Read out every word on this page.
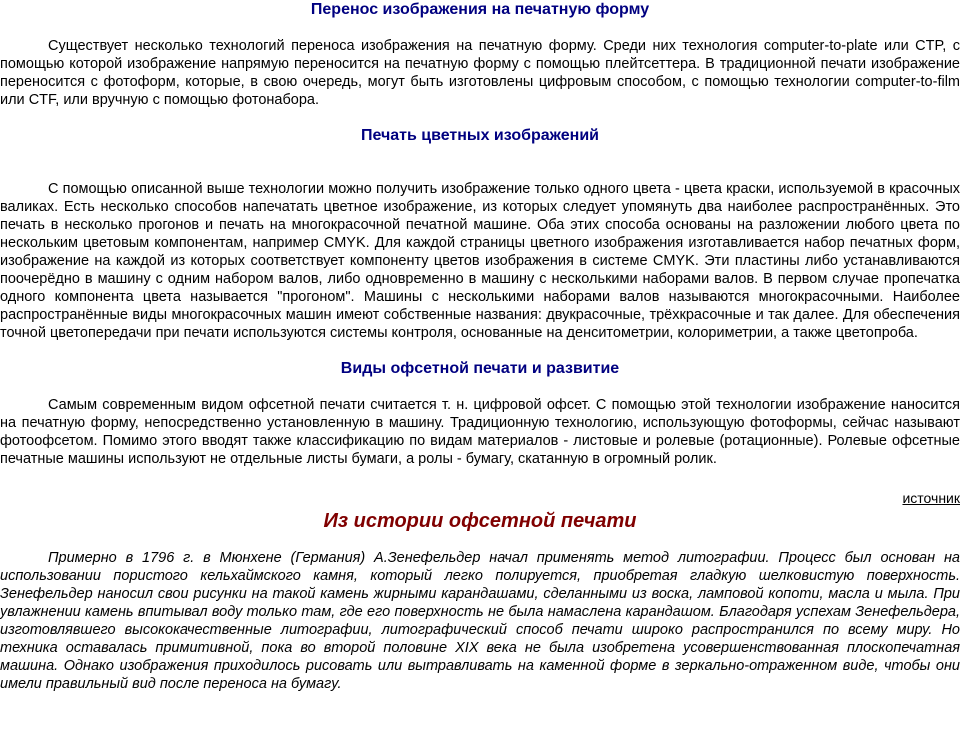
Перенос изображения на печатную форму

Существует несколько технологий переноса изображения на печатную форму. Среди них технология computer-to-plate или CTP, с помощью которой изображение напрямую переносится на печатную форму с помощью плейтсеттера. В традиционной печати изображение переносится с фотоформ, которые, в свою очередь, могут быть изготовлены цифровым способом, с помощью технологии computer-to-film или CTF, или вручную с помощью фотонабора.

Печать цветных изображений

С помощью описанной выше технологии можно получить изображение только одного цвета - цвета краски, используемой в красочных валиках. Есть несколько способов напечатать цветное изображение, из которых следует упомянуть два наиболее распространённых. Это печать в несколько прогонов и печать на многокрасочной печатной машине. Оба этих способа основаны на разложении любого цвета по нескольким цветовым компонентам, например CMYK. Для каждой страницы цветного изображения изготавливается набор печатных форм, изображение на каждой из которых соответствует компоненту цветов изображения в системе CMYK. Эти пластины либо устанавливаются поочерёдно в машину с одним набором валов, либо одновременно в машину с несколькими наборами валов. В первом случае пропечатка одного компонента цвета называется "прогоном". Машины с несколькими наборами валов называются многокрасочными. Наиболее распространённые виды многокрасочных машин имеют собственные названия: двукрасочные, трёхкрасочные и так далее. Для обеспечения точной цветопередачи при печати используются системы контроля, основанные на денситометрии, колориметрии, а также цветопроба.

Виды офсетной печати и развитие

Самым современным видом офсетной печати считается т. н. цифровой офсет. С помощью этой технологии изображение наносится на печатную форму, непосредственно установленную в машину. Традиционную технологию, использующую фотоформы, сейчас называют фотоофсетом. Помимо этого вводят также классификацию по видам материалов - листовые и ролевые (ротационные). Ролевые офсетные печатные машины используют не отдельные листы бумаги, а ролы - бумагу, скатанную в огромный ролик.

источник
Из истории офсетной печати

Примерно в 1796 г. в Мюнхене (Германия) А.Зенефельдер начал применять метод литографии. Процесс был основан на использовании пористого кельхаймского камня, который легко полируется, приобретая гладкую шелковистую поверхность. Зенефельдер наносил свои рисунки на такой камень жирными карандашами, сделанными из воска, ламповой копоти, масла и мыла. При увлажнении камень впитывал воду только там, где его поверхность не была намаслена карандашом. Благодаря успехам Зенефельдера, изготовлявшего высококачественные литографии, литографический способ печати широко распространился по всему миру. Но техника оставалась примитивной, пока во второй половине XIX века не была изобретена усовершенствованная плоскопечатная машина. Однако изображения приходилось рисовать или вытравливать на каменной форме в зеркально-отраженном виде, чтобы они имели правильный вид после переноса на бумагу.
